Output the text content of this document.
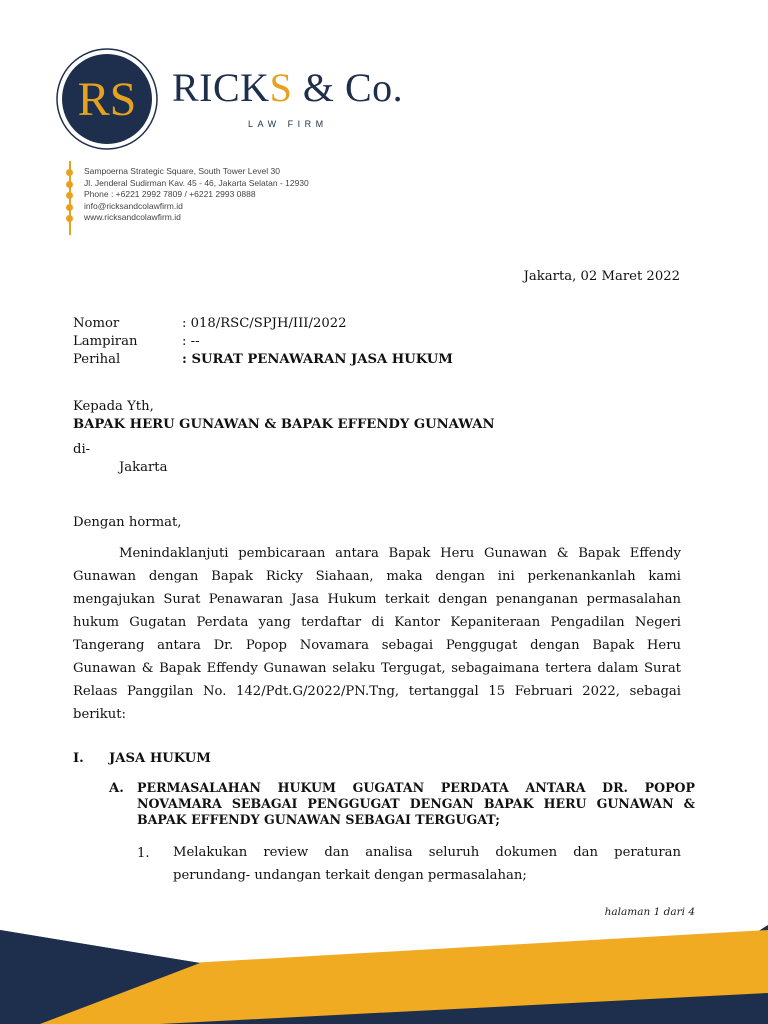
RS RICKS & Co.
LAW FIRM
Sampoerna Strategic Square, South Tower Level 30
Jl. Jenderal Sudirman Kav. 45 - 46, Jakarta Selatan - 12930
Phone : +6221 2992 7809 / +6221 2993 0888
info@ricksandcolawfirm.id
www.ricksandcolawfirm.id
Jakarta, 02 Maret 2022
Nomor	: 018/RSC/SPJH/III/2022
Lampiran	: --
Perihal	: SURAT PENAWARAN JASA HUKUM
Kepada Yth,
BAPAK HERU GUNAWAN & BAPAK EFFENDY GUNAWAN
di-
Jakarta
Dengan hormat,
Menindaklanjuti pembicaraan antara Bapak Heru Gunawan & Bapak Effendy
Gunawan dengan Bapak Ricky Siahaan, maka dengan ini perkenankanlah kami
mengajukan Surat Penawaran Jasa Hukum terkait dengan penanganan permasalahan
hukum Gugatan Perdata yang terdaftar di Kantor Kepaniteraan Pengadilan Negeri
Tangerang antara Dr. Popop Novamara sebagai Penggugat dengan Bapak Heru
Gunawan & Bapak Effendy Gunawan selaku Tergugat, sebagaimana tertera dalam Surat
Relaas Panggilan No. 142/Pdt.G/2022/PN.Tng, tertanggal 15 Februari 2022, sebagai
berikut:
I. JASA HUKUM
A. PERMASALAHAN HUKUM GUGATAN PERDATA ANTARA DR. POPOP
NOVAMARA SEBAGAI PENGGUGAT DENGAN BAPAK HERU GUNAWAN &
BAPAK EFFENDY GUNAWAN SEBAGAI TERGUGAT;
1. Melakukan review dan analisa seluruh dokumen dan peraturan
perundang- undangan terkait dengan permasalahan;
halaman 1 dari 4
